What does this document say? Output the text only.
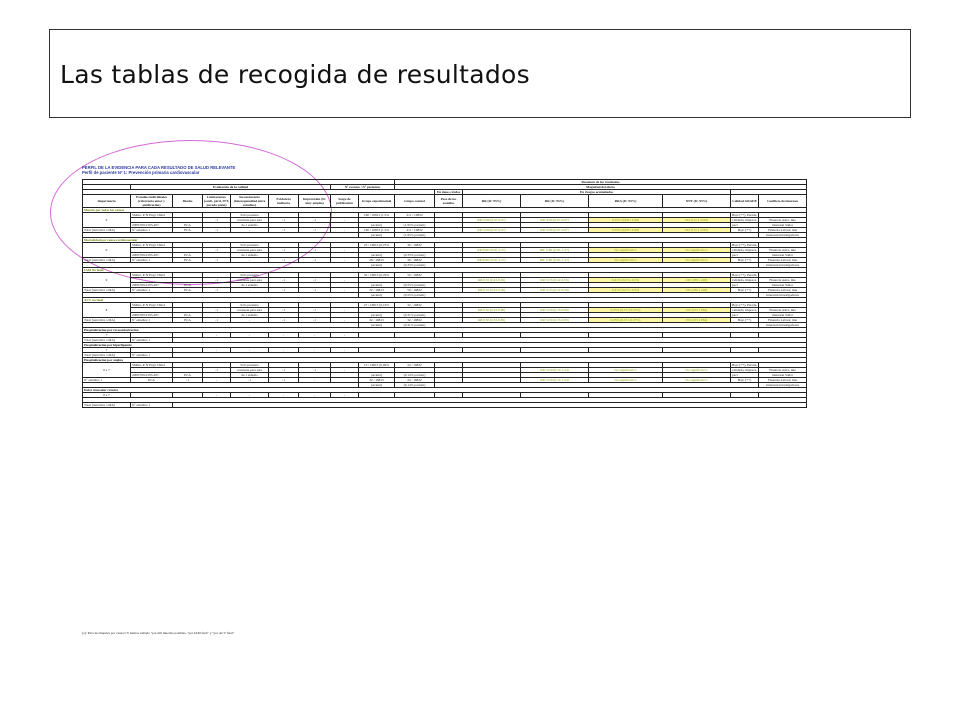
Las tablas de recogida de resultados
PERFIL DE LA EVIDENCIA PARA CADA RESULTADO DE SALUD RELEVANTE
Perfil de paciente Nº 1: Prevención primaria cardiovascular
									Resumen de los resultados							
	Evaluación de la calidad						Nº eventos / Nº pacientes		Magnitud del efecto							
										En datos crudos	En riesgos acumulados					
Importancia	Estudios individuales (referencia autor y publicación)	Diseño	Limitaciones (ocult, pérd, ITT, parada prem)	Inconsistencia (heterogeneidad entre estudios)	Evidencia indirecta	Imprecisión (IC muy amplio)	Sesgo de publicación	Grupo experimental	Grupo control	Peso de los estudios	RR (IC 95%)	RR (IC 95%)	RRA (IC 95%)	NNT (IC 95%)	Calidad GRADE	Conflicto de intereses
Muerte por todas las causas																
9	Shiller, P. N Engl J Med			Sólo presenta				160 / 10813 (1,5%	211 / 10832						Bajo (++), Parada,	
			-1	contraste para esta	-1	-1	-				RR: 0,80 (0,67-0,97)	RR: 0,80 (0,67-0,97)	0,55% (0,08 a 0,98)	182 (111 a 1320)	validada, impreca,	Financia Astra, mie
	2008;359:2195-207.	ECA		de 1 estudio				pacient)	(1,95% pacient)						pact	interesan Sailor
Total (narrativa o MA)	Nº estudios 1	ECA	-1	-	-1	-1	-	160 / 10813 (1,5%	211 / 10832		RR: 0,80 (0,67-0,97)	RR: 0,80 (0,67-0,97)	0,55% (0,08 a 0,98)	182 (111 a 1320)	Bajo (++)	Financia Labora; mie
								pacient)	(1,95% pacient)							interesan investigadores
Mortalidad por causa cardiovascular																
9	Shiller, P. N Engl J Med			Sólo presenta				25 / 16813 (0,25%	36 / 16832						Bajo (++), Parada,	
			-1	contraste para esta	-1	-1	-				RR:0,80 (0,50,-1,27)	RR: 0,80 (0,50,-1,27)	No significativo	No significativo	validada, impreca,	Financia Astra, mie
	2008;359:2195-207.	ECA		de 1 estudio				pacient)	(0,33% pacient)						pact	interesan Sailor
Total (narrativa o MA)	Nº estudios 1	ECA	-1	-	-1	-1	-	28 / 16813	36 / 16832		RR:0,80 (0,50,-1,27)	RR: 0,80 (0,50,-1,27)	No significativo	No significativo	Bajo (++)	Financia Labora; mie
								pacient)	(0,33% pacient)							interesan investigadores
IAM No fatal																
9	Shiller, P. N Engl J Med			Sólo presenta				32 / 16813 (0,29%	50 / 16832						Bajo (++), Parada,	
			-1	contraste para esta	-1	-1	-				RR:0,35 (0,22-0,56)	RR: 0,35 (0,22-0,56)	0,41% (0,23 a 0,55)	245 (180 a 448)	validada, impreca,	Financia Astra, mie
	2008;359:2195-207.	ECA		de 1 estudio				pacient)	(0,55% pacient)						pact	interesan Sailor
Total (narrativa o MA)	Nº estudios 1	ECA	-1	-	-1	-1	-	32 / 16813	50 / 16832		RR:0,35 (0,22-0,56)	RR: 0,35 (0,22-0,56)	0,41% (0,23 a 0,55)	245 (180 a 448)	Bajo (++)	Financia Labora; mie
								pacient)	(0,55% pacient)							interesan investigadores
ACV no fatal																
8	Shiller, P. N Engl J Med			Sólo presenta				27 / 16813 (0,16%	32 / 16832						Bajo (++), Parada,	
			-1	contraste para esta	-1	-1	-				RR:0,50 (0,32-0,80)	RR: 0,50 (0,33-0,80)	0,35% (0,13 a 0,37%)	250 (213 a 864)	validada, impreca,	Financia Astra, mie
	2008;359:2195-207.	ECA		de 1 estudio				pacient)	(0,31% pacient)						pact	interesan Sailor
Total (narrativa o MA)	Nº estudios 1	ECA	-1	-	-1	-1	-	32 / 16813	32 / 16832		RR:0,50 (0,32-0,80)	RR: 0,50 (0,33-0,80)	0,35% (0,13 a 0,37%)	250 (213 a 864)	Bajo (++)	Financia Labora; mie
								pacient)	(0,31% pacient)							interesan investigadores
Hospitalización por revascularización																
7			-	-	-	-	-									
Total (narrativa o MA)	Nº estudios 1															
Hospitalización por hiperlipemia																
7			-	-	-	-	-									
Total (narrativa o MA)	Nº estudios 1															
Hospitalización por angina																
6 a 7	Shiller, P. N Engl J Med			Sólo presenta				15 / 16813 (0,09%	24 / 16832						Bajo (++), Parada,	
			-1	contraste para esta	-1	-1	-					RR: 0,59 (0,14-1,24)	No significativo	No significativo	validada, impreca,	Financia Astra, mie
	2008;359:2195-207.	ECA		de 1 estudio				pacient)	(0,14% pacient)						pact	interesan Sailor
Nº estudios 1	ECA	-1	-	-1	-1	-		32 / 16813	24 / 16832			RR: 0,59 (0,14-1,24)	No significativo	No significativo	Bajo (++)	Financia Labora; mie
								pacient)	(0,14% pacient)							interesan investigadores
Dolor muscular crónico																
6 a 7			-	-	-	-	-									

Total (narrativa o MA)	Nº estudios 1															
(1): Para las muertes por causa CV hemos tomado "por mil muertes posibles, "por IAM fatal" y "por ACV fatal"
